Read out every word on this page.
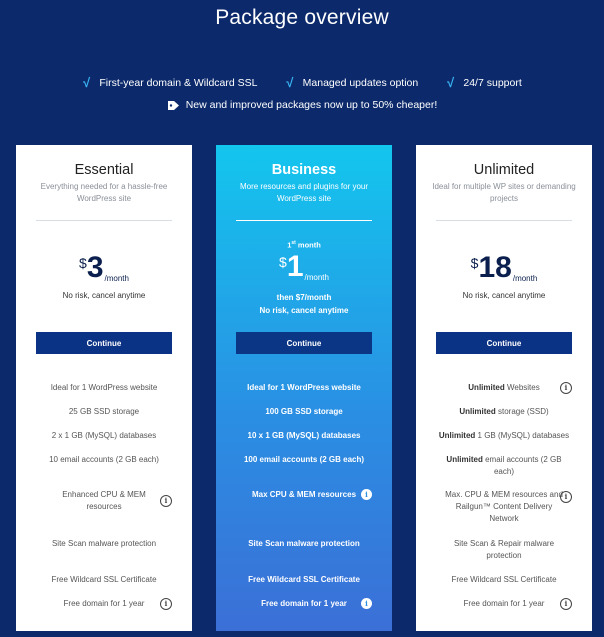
Package overview
√ First-year domain & Wildcard SSL √ Managed updates option √ 24/7 support
New and improved packages now up to 50% cheaper!
Essential
Everything needed for a hassle-free WordPress site
$ 3 /month
No risk, cancel anytime
Continue
Ideal for 1 WordPress website
25 GB SSD storage
2 x 1 GB (MySQL) databases
10 email accounts (2 GB each)
Enhanced CPU & MEM resources
i
Site Scan malware protection
Free Wildcard SSL Certificate
Free domain for 1 year	i
Business
More resources and plugins for your WordPress site
1st month
$ 1 /month
then $7/month
No risk, cancel anytime
Continue
Ideal for 1 WordPress website
100 GB SSD storage
10 x 1 GB (MySQL) databases
100 email accounts (2 GB each)
Max CPU & MEM resources	i
Site Scan malware protection
Free Wildcard SSL Certificate
Free domain for 1 year	i
Unlimited
Ideal for multiple WP sites or demanding projects
$ 18 /month
No risk, cancel anytime
Continue
Unlimited Websites	i
Unlimited storage (SSD)
Unlimited 1 GB (MySQL) databases
Unlimited email accounts (2 GB each)
Max. CPU & MEM resources and Railgun™ Content Delivery Network
i
Site Scan & Repair malware protection
Free Wildcard SSL Certificate
Free domain for 1 year	i
